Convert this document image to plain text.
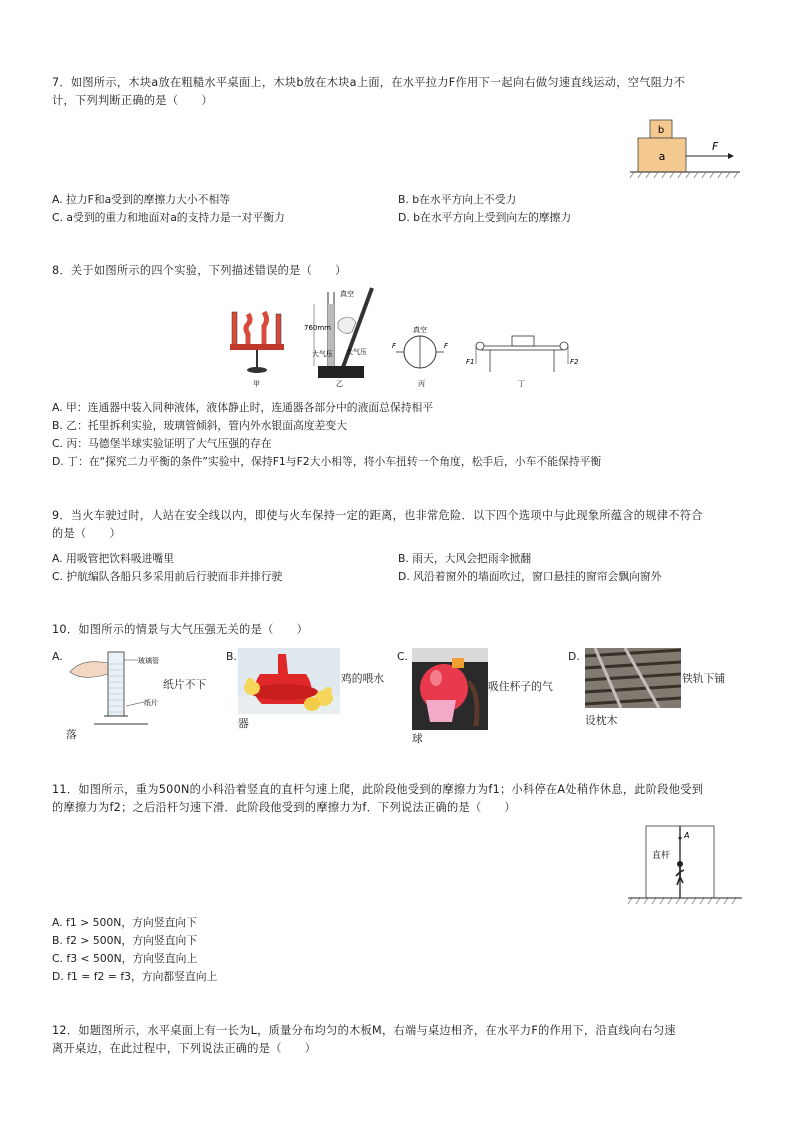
7．如图所示，木块a放在粗糙水平桌面上，木块b放在木块a上面，在水平拉力F作用下一起向右做匀速直线运动，空气阻力不
计，下列判断正确的是（　　）
b
a
F
A. 拉力F和a受到的摩擦力大小不相等	B. b在水平方向上不受力
C. a受到的重力和地面对a的支持力是一对平衡力	D. b在水平方向上受到向左的摩擦力
8．关于如图所示的四个实验，下列描述错误的是（　　）
甲
760mm
真空
大气压 大气压
乙
真空
F	F
丙
F1	F2
丁
A. 甲：连通器中装入同种液体，液体静止时，连通器各部分中的液面总保持相平
B. 乙：托里拆利实验，玻璃管倾斜，管内外水银面高度差变大
C. 丙：马德堡半球实验证明了大气压强的存在
D. 丁：在“探究二力平衡的条件”实验中，保持F1与F2大小相等，将小车扭转一个角度，松手后，小车不能保持平衡
9．当火车驶过时，人站在安全线以内，即使与火车保持一定的距离，也非常危险．以下四个选项中与此现象所蕴含的规律不符合
的是（　　）
A. 用吸管把饮料吸进嘴里	B. 雨天，大风会把雨伞掀翻
C. 护航编队各船只多采用前后行驶而非并排行驶	D. 风沿着窗外的墙面吹过，窗口悬挂的窗帘会飘向窗外
10．如图所示的情景与大气压强无关的是（　　）
A.	玻璃管
纸片
纸片不下
落
B.
鸡的喂水
器
C.
吸住杯子的气
球
D.
铁轨下铺
设枕木
11．如图所示，重为500N的小科沿着竖直的直杆匀速上爬，此阶段他受到的摩擦力为f1；小科停在A处稍作休息，此阶段他受到
的摩擦力为f2；之后沿杆匀速下滑．此阶段他受到的摩擦力为f．下列说法正确的是（　　）
A
直杆
A. f1 > 500N，方向竖直向下
B. f2 > 500N，方向竖直向下
C. f3 < 500N，方向竖直向上
D. f1 = f2 = f3，方向都竖直向上
12．如题图所示，水平桌面上有一长为L，质量分布均匀的木板M，右端与桌边相齐，在水平力F的作用下，沿直线向右匀速
离开桌边，在此过程中，下列说法正确的是（　　）
